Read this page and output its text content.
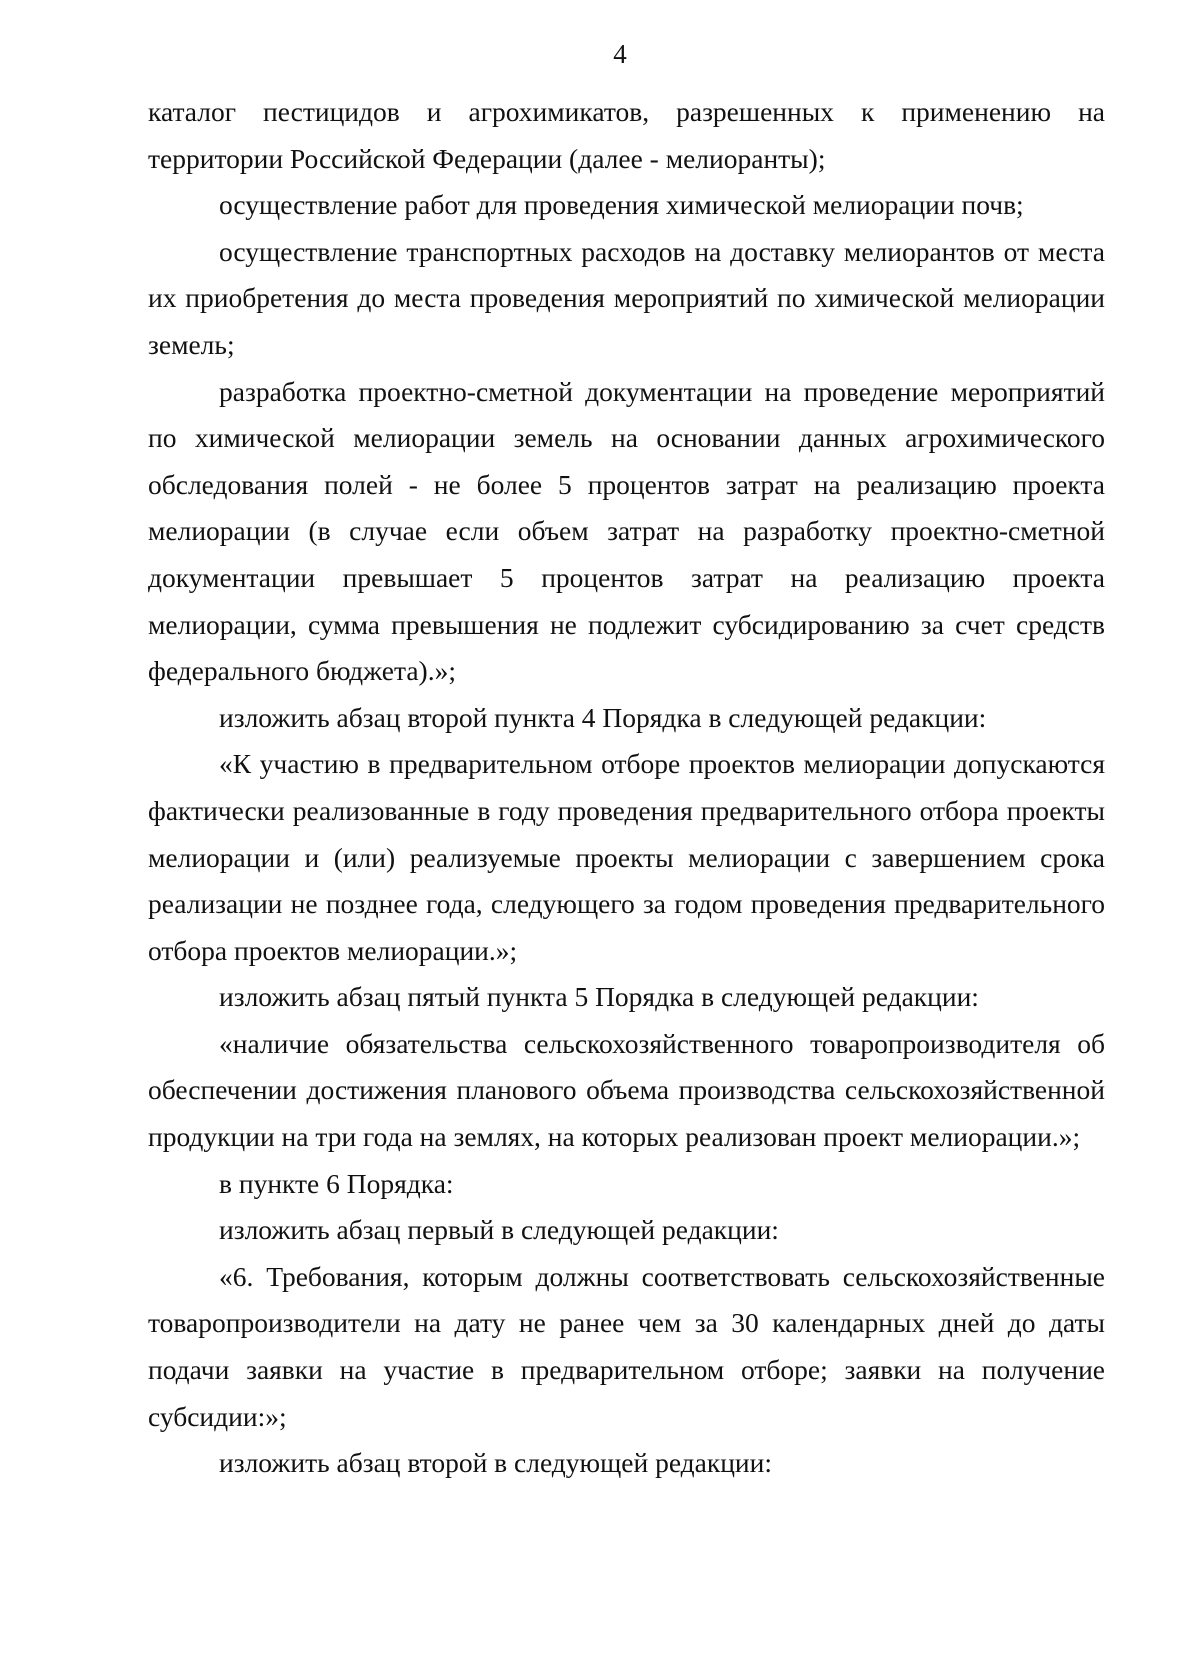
4

каталог пестицидов и агрохимикатов, разрешенных к применению на территории Российской Федерации (далее - мелиоранты);

осуществление работ для проведения химической мелиорации почв;

осуществление транспортных расходов на доставку мелиорантов от места их приобретения до места проведения мероприятий по химической мелиорации земель;

разработка проектно-сметной документации на проведение мероприятий по химической мелиорации земель на основании данных агрохимического обследования полей - не более 5 процентов затрат на реализацию проекта мелиорации (в случае если объем затрат на разработку проектно-сметной документации превышает 5 процентов затрат на реализацию проекта мелиорации, сумма превышения не подлежит субсидированию за счет средств федерального бюджета).»;

изложить абзац второй пункта 4 Порядка в следующей редакции:

«К участию в предварительном отборе проектов мелиорации допускаются фактически реализованные в году проведения предварительного отбора проекты мелиорации и (или) реализуемые проекты мелиорации с завершением срока реализации не позднее года, следующего за годом проведения предварительного отбора проектов мелиорации.»;

изложить абзац пятый пункта 5 Порядка в следующей редакции:

«наличие обязательства сельскохозяйственного товаропроизводителя об обеспечении достижения планового объема производства сельскохозяйственной продукции на три года на землях, на которых реализован проект мелиорации.»;

в пункте 6 Порядка:

изложить абзац первый в следующей редакции:

«6. Требования, которым должны соответствовать сельскохозяйственные товаропроизводители на дату не ранее чем за 30 календарных дней до даты подачи заявки на участие в предварительном отборе; заявки на получение субсидии:»;

изложить абзац второй в следующей редакции:
